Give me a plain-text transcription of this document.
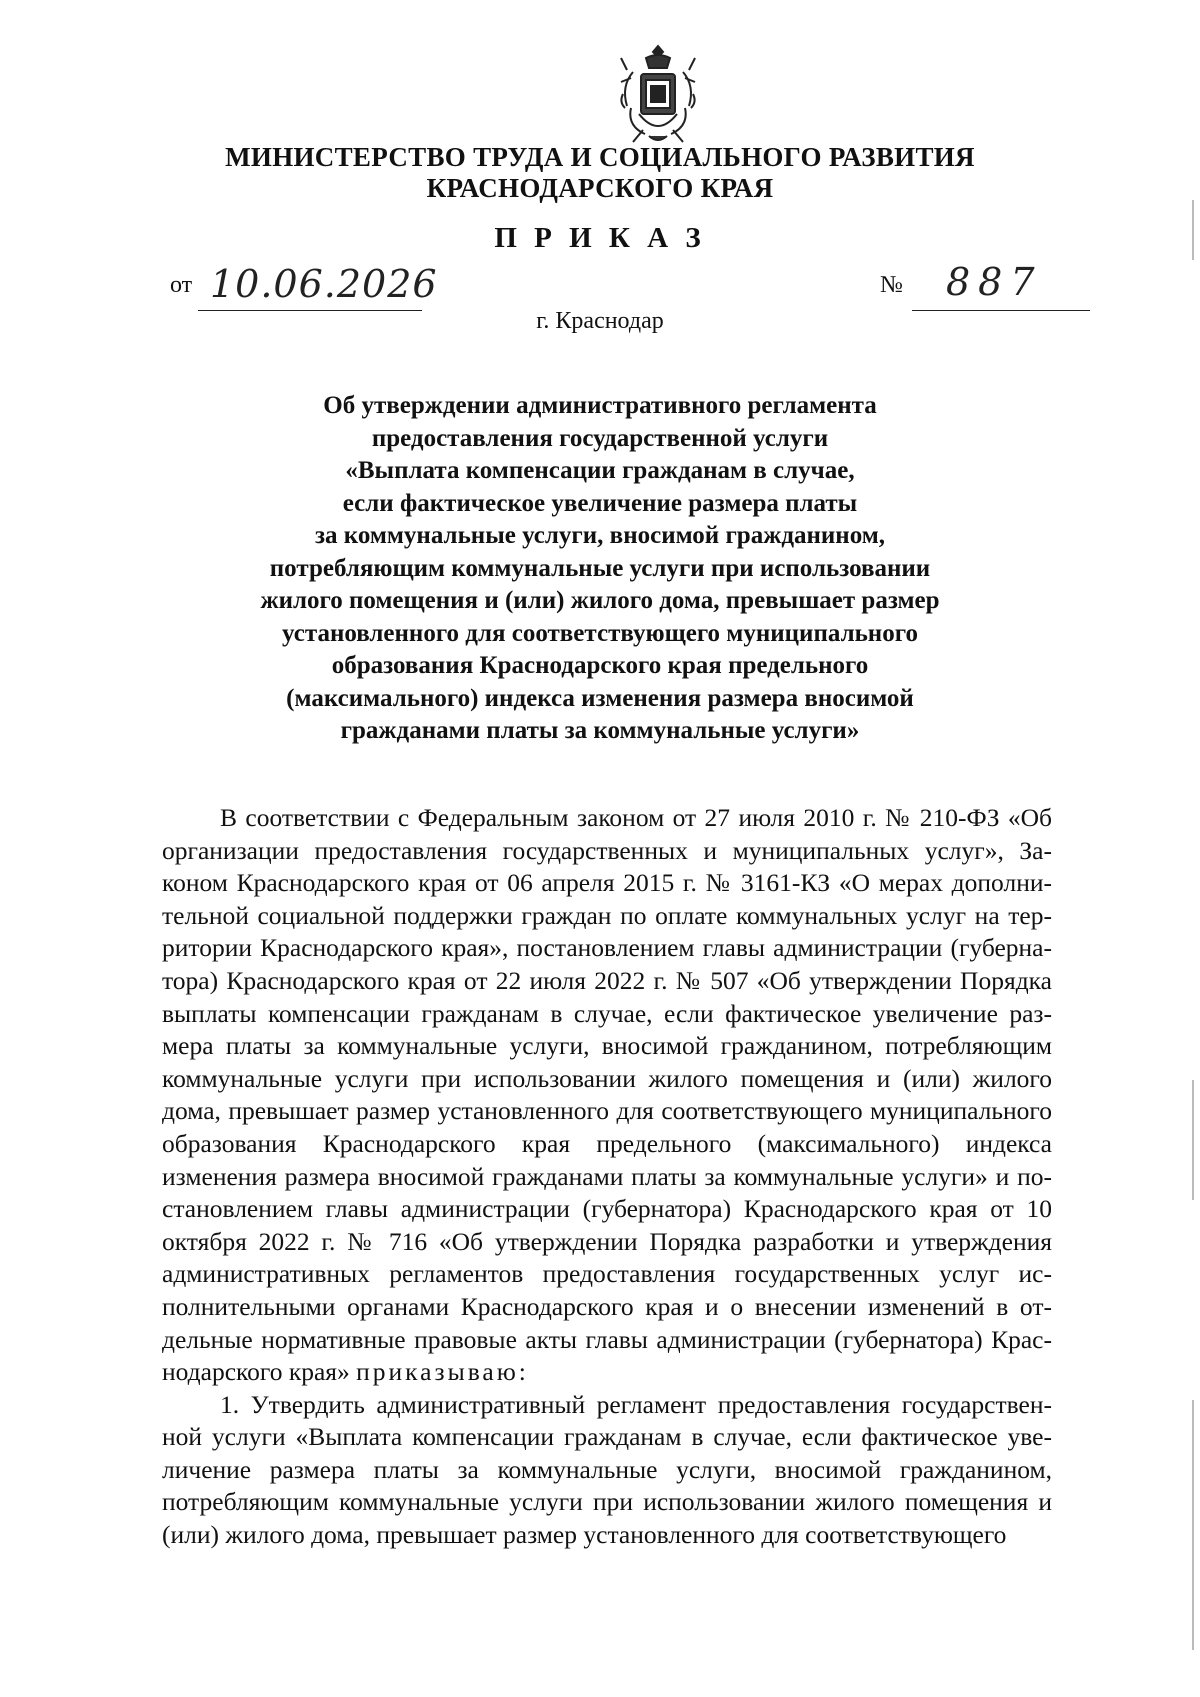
МИНИСТЕРСТВО ТРУДА И СОЦИАЛЬНОГО РАЗВИТИЯ
КРАСНОДАРСКОГО КРАЯ
П Р И К А З
от 10.06.2026	№ 887
г. Краснодар
Об утверждении административного регламента
предоставления государственной услуги
«Выплата компенсации гражданам в случае,
если фактическое увеличение размера платы
за коммунальные услуги, вносимой гражданином,
потребляющим коммунальные услуги при использовании
жилого помещения и (или) жилого дома, превышает размер
установленного для соответствующего муниципального
образования Краснодарского края предельного
(максимального) индекса изменения размера вносимой
гражданами платы за коммунальные услуги»

В соответствии с Федеральным законом от 27 июля 2010 г. № 210-ФЗ «Об организации предоставления государственных и муниципальных услуг», Законом Краснодарского края от 06 апреля 2015 г. № 3161-КЗ «О мерах дополнительной социальной поддержки граждан по оплате коммунальных услуг на территории Краснодарского края», постановлением главы администрации (губернатора) Краснодарского края от 22 июля 2022 г. № 507 «Об утверждении Порядка выплаты компенсации гражданам в случае, если фактическое увеличение размера платы за коммунальные услуги, вносимой гражданином, потребляющим коммунальные услуги при использовании жилого помещения и (или) жилого дома, превышает размер установленного для соответствующего муниципального образования Краснодарского края предельного (максимального) индекса изменения размера вносимой гражданами платы за коммунальные услуги» и постановлением главы администрации (губернатора) Краснодарского края от 10 октября 2022 г. № 716 «Об утверждении Порядка разработки и утверждения административных регламентов предоставления государственных услуг исполнительными органами Краснодарского края и о внесении изменений в отдельные нормативные правовые акты главы администрации (губернатора) Краснодарского края» приказываю:

1. Утвердить административный регламент предоставления государственной услуги «Выплата компенсации гражданам в случае, если фактическое увеличение размера платы за коммунальные услуги, вносимой гражданином, потребляющим коммунальные услуги при использовании жилого помещения и (или) жилого дома, превышает размер установленного для соответствующего
